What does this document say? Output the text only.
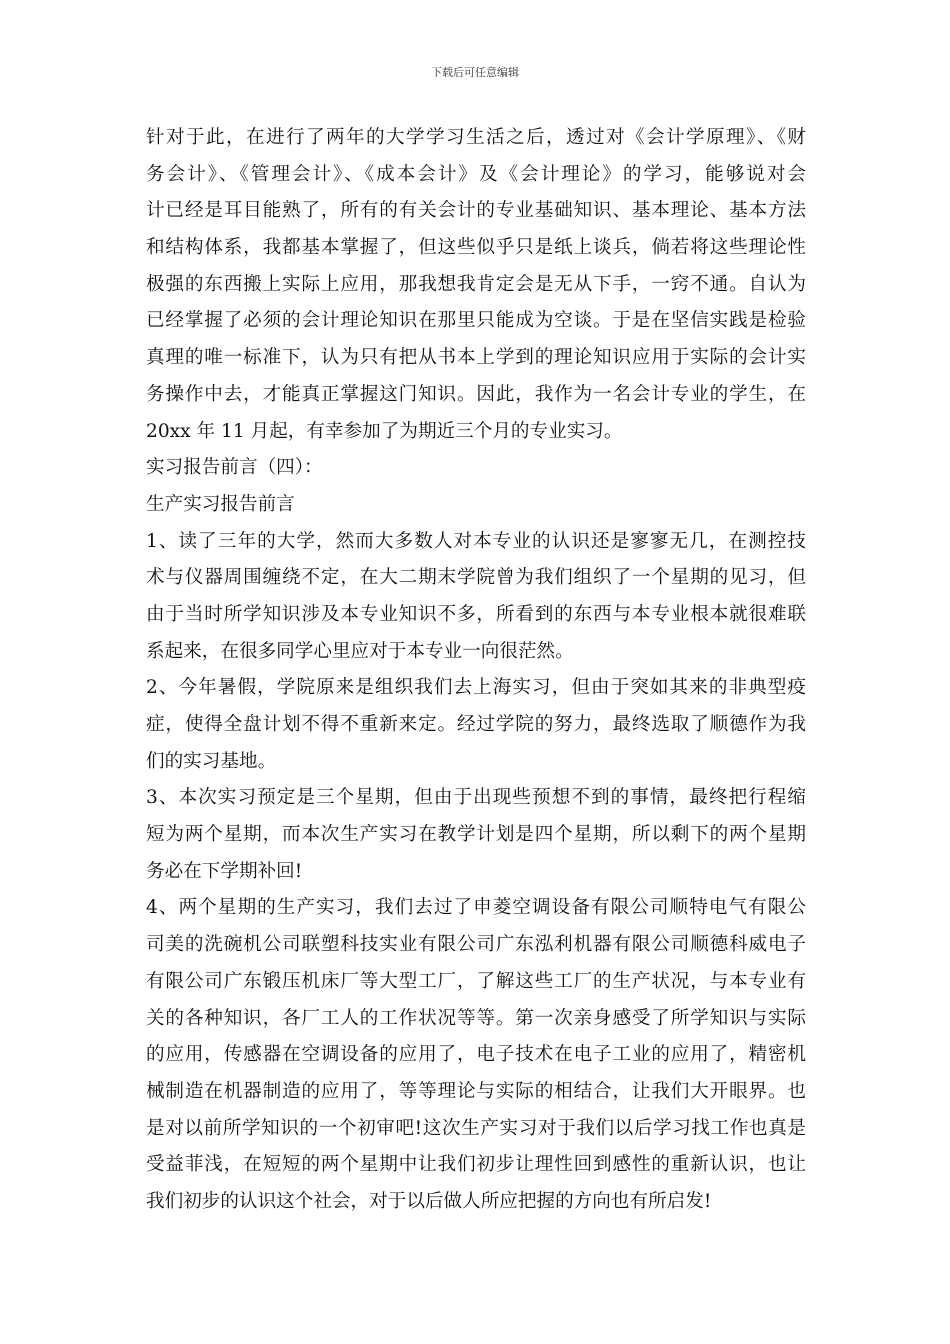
下载后可任意编辑
针对于此，在进行了两年的大学学习生活之后，透过对《会计学原理》、《财
务会计》、《管理会计》、《成本会计》及《会计理论》的学习，能够说对会
计已经是耳目能熟了，所有的有关会计的专业基础知识、基本理论、基本方法
和结构体系，我都基本掌握了，但这些似乎只是纸上谈兵，倘若将这些理论性
极强的东西搬上实际上应用，那我想我肯定会是无从下手，一窍不通。自认为
已经掌握了必须的会计理论知识在那里只能成为空谈。于是在坚信实践是检验
真理的唯一标准下，认为只有把从书本上学到的理论知识应用于实际的会计实
务操作中去，才能真正掌握这门知识。因此，我作为一名会计专业的学生，在
20xx 年 11 月起，有幸参加了为期近三个月的专业实习。
实习报告前言（四）：
生产实习报告前言
1、读了三年的大学，然而大多数人对本专业的认识还是寥寥无几，在测控技
术与仪器周围缠绕不定，在大二期末学院曾为我们组织了一个星期的见习，但
由于当时所学知识涉及本专业知识不多，所看到的东西与本专业根本就很难联
系起来，在很多同学心里应对于本专业一向很茫然。
2、今年暑假，学院原来是组织我们去上海实习，但由于突如其来的非典型疫
症，使得全盘计划不得不重新来定。经过学院的努力，最终选取了顺德作为我
们的实习基地。
3、本次实习预定是三个星期，但由于出现些预想不到的事情，最终把行程缩
短为两个星期，而本次生产实习在教学计划是四个星期，所以剩下的两个星期
务必在下学期补回!
4、两个星期的生产实习，我们去过了申菱空调设备有限公司顺特电气有限公
司美的洗碗机公司联塑科技实业有限公司广东泓利机器有限公司顺德科威电子
有限公司广东锻压机床厂等大型工厂，了解这些工厂的生产状况，与本专业有
关的各种知识，各厂工人的工作状况等等。第一次亲身感受了所学知识与实际
的应用，传感器在空调设备的应用了，电子技术在电子工业的应用了，精密机
械制造在机器制造的应用了，等等理论与实际的相结合，让我们大开眼界。也
是对以前所学知识的一个初审吧!这次生产实习对于我们以后学习找工作也真是
受益菲浅，在短短的两个星期中让我们初步让理性回到感性的重新认识，也让
我们初步的认识这个社会，对于以后做人所应把握的方向也有所启发!
